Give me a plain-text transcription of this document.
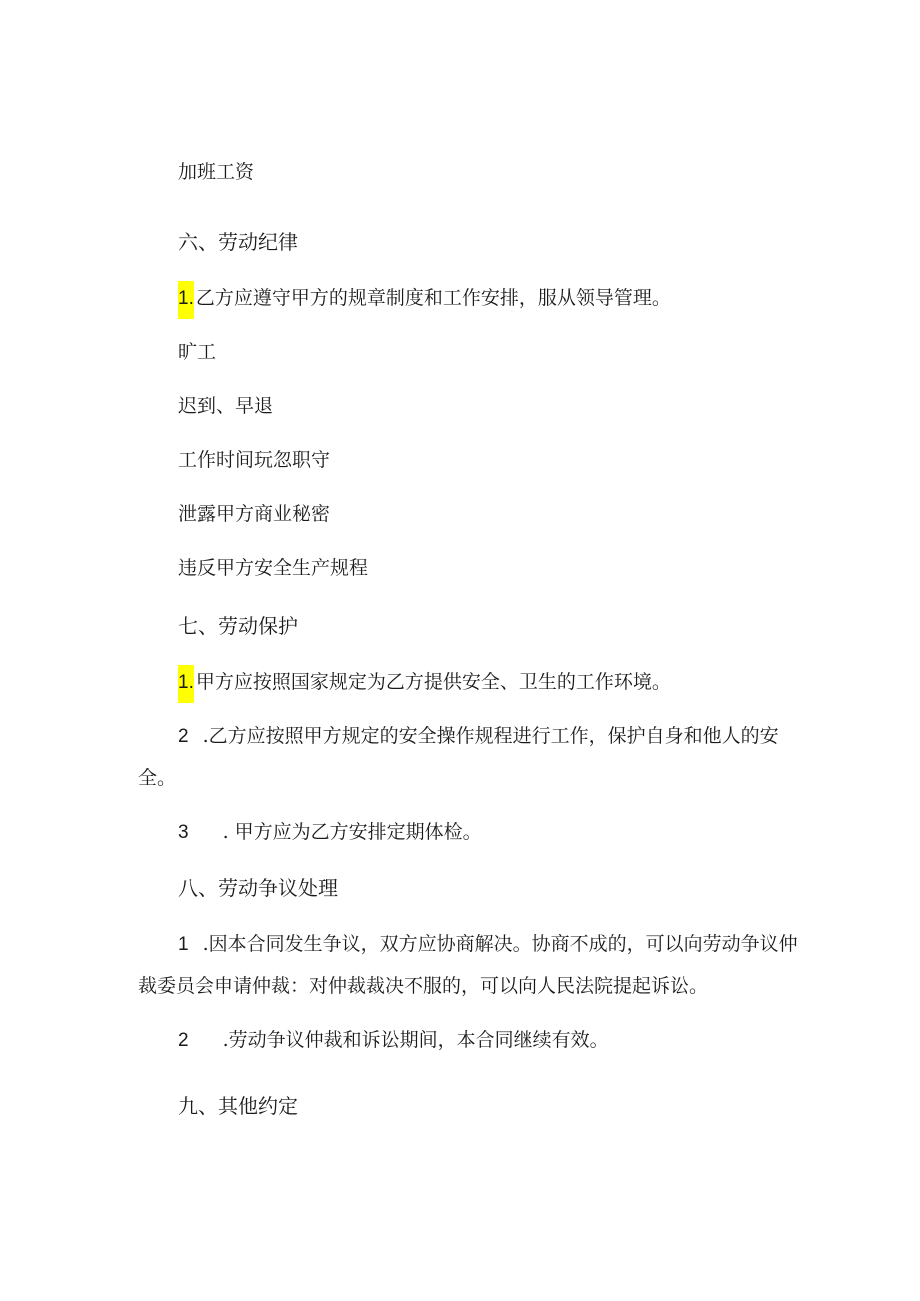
加班工资
六、劳动纪律
1. 乙方应遵守甲方的规章制度和工作安排，服从领导管理。
旷工
迟到、早退
工作时间玩忽职守
泄露甲方商业秘密
违反甲方安全生产规程
七、劳动保护
1. 甲方应按照国家规定为乙方提供安全、卫生的工作环境。
2 .乙方应按照甲方规定的安全操作规程进行工作，保护自身和他人的安
全。
3 . 甲方应为乙方安排定期体检。
八、劳动争议处理
1 .因本合同发生争议，双方应协商解决。协商不成的，可以向劳动争议仲
裁委员会申请仲裁：对仲裁裁决不服的，可以向人民法院提起诉讼。
2 .劳动争议仲裁和诉讼期间，本合同继续有效。
九、其他约定
